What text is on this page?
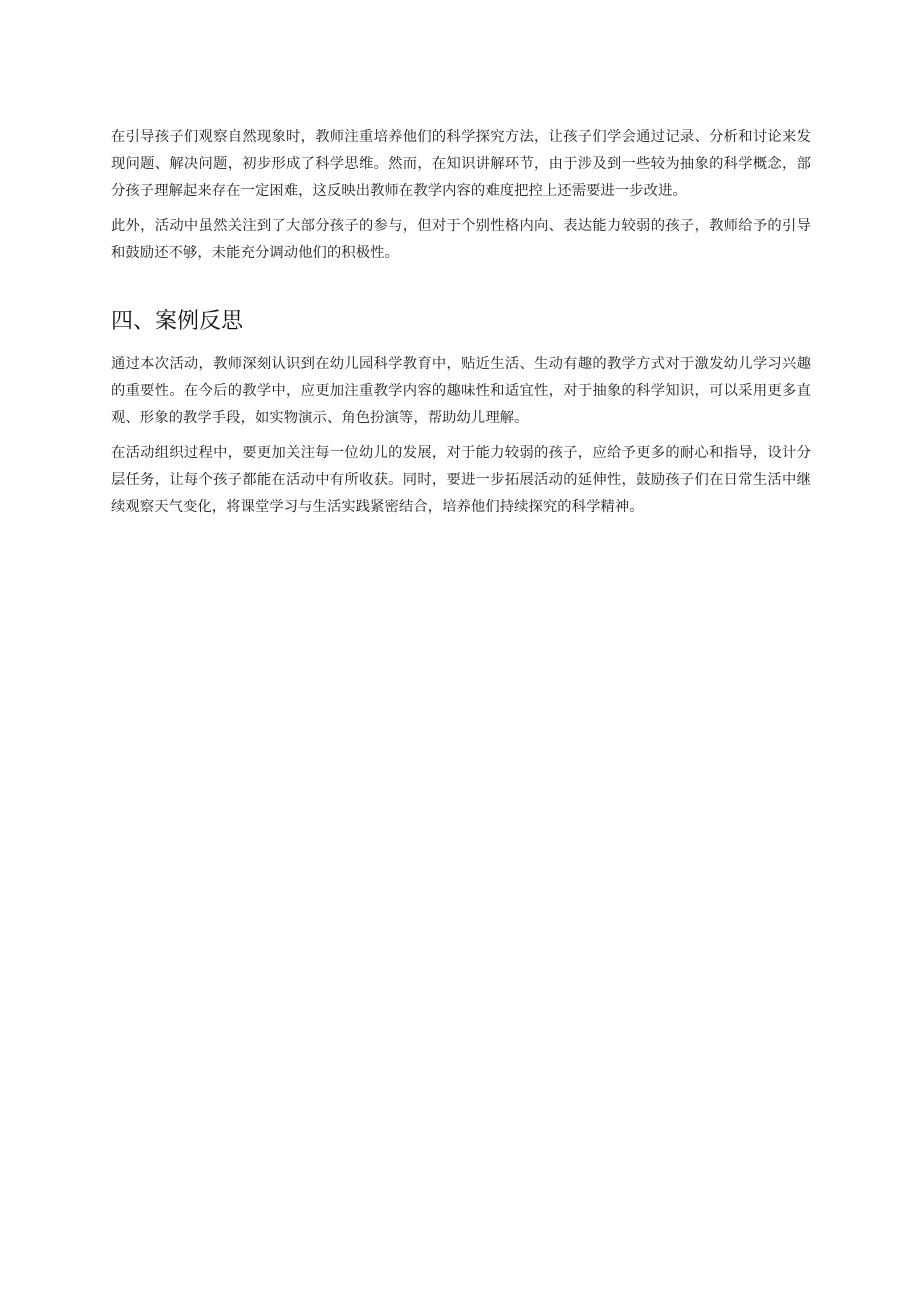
在引导孩子们观察自然现象时，教师注重培养他们的科学探究方法，让孩子们学会通过记录、分析和讨论来发现问题、解决问题，初步形成了科学思维。然而，在知识讲解环节，由于涉及到一些较为抽象的科学概念，部分孩子理解起来存在一定困难，这反映出教师在教学内容的难度把控上还需要进一步改进。

此外，活动中虽然关注到了大部分孩子的参与，但对于个别性格内向、表达能力较弱的孩子，教师给予的引导和鼓励还不够，未能充分调动他们的积极性。

四、案例反思

通过本次活动，教师深刻认识到在幼儿园科学教育中，贴近生活、生动有趣的教学方式对于激发幼儿学习兴趣的重要性。在今后的教学中，应更加注重教学内容的趣味性和适宜性，对于抽象的科学知识，可以采用更多直观、形象的教学手段，如实物演示、角色扮演等，帮助幼儿理解。

在活动组织过程中，要更加关注每一位幼儿的发展，对于能力较弱的孩子，应给予更多的耐心和指导，设计分层任务，让每个孩子都能在活动中有所收获。同时，要进一步拓展活动的延伸性，鼓励孩子们在日常生活中继续观察天气变化，将课堂学习与生活实践紧密结合，培养他们持续探究的科学精神。
